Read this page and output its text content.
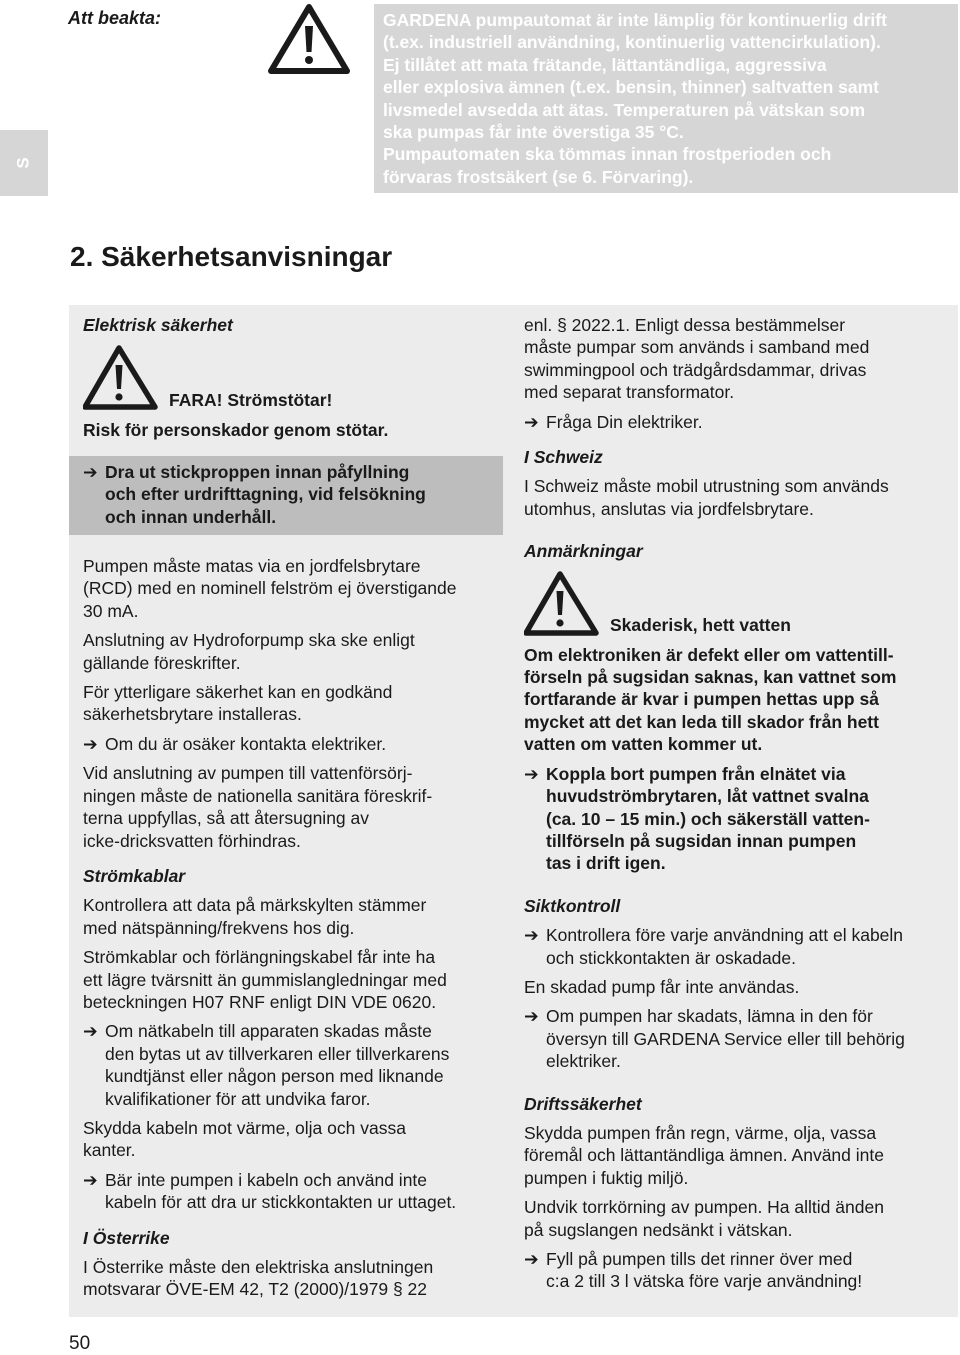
S
Att beakta:	GARDENA pumpautomat är inte lämplig för kontinuerlig drift

(t.ex. industriell användning, kontinuerlig vattencirkulation).

Ej tillåtet att mata frätande, lättantändliga, aggressiva

eller explosiva ämnen (t.ex. bensin, thinner) saltvatten samt

livsmedel avsedda att ätas. Temperaturen på vätskan som

ska pumpas får inte överstiga 35 °C.

Pumpautomaten ska tömmas innan frostperioden och

förvaras frostsäkert (se 6. Förvaring).

2. Säkerhetsanvisningar

Elektrisk säkerhet

FARA! Strömstötar!

Risk för personskador genom stötar.

➔ Dra ut stickproppen innan påfyllning

och efter urdrifttagning, vid felsökning

och innan underhåll.

Pumpen måste matas via en jordfelsbrytare

(RCD) med en nominell felström ej överstigande

30 mA.

Anslutning av Hydroforpump ska ske enligt

gällande föreskrifter.

För ytterligare säkerhet kan en godkänd

säkerhetsbrytare installeras.

➔ Om du är osäker kontakta elektriker.

Vid anslutning av pumpen till vattenförsörj-

ningen måste de nationella sanitära föreskrif-

terna uppfyllas, så att återsugning av

icke-dricksvatten förhindras.

Strömkablar

Kontrollera att data på märkskylten stämmer

med nätspänning/frekvens hos dig.

Strömkablar och förlängningskabel får inte ha

ett lägre tvärsnitt än gummislangledningar med

beteckningen H07 RNF enligt DIN VDE 0620.

➔ Om nätkabeln till apparaten skadas måste

den bytas ut av tillverkaren eller tillverkarens

kundtjänst eller någon person med liknande

kvalifikationer för att undvika faror.

Skydda kabeln mot värme, olja och vassa

kanter.

➔ Bär inte pumpen i kabeln och använd inte

kabeln för att dra ur stickkontakten ur uttaget.

I Österrike

I Österrike måste den elektriska anslutningen

motsvarar ÖVE-EM 42, T2 (2000)/1979 § 22

enl. § 2022.1. Enligt dessa bestämmelser

måste pumpar som används i samband med

swimmingpool och trädgårdsdammar, drivas

med separat transformator.

➔ Fråga Din elektriker.

I Schweiz

I Schweiz måste mobil utrustning som används

utomhus, anslutas via jordfelsbrytare.

Anmärkningar

Skaderisk, hett vatten

Om elektroniken är defekt eller om vattentill-

förseln på sugsidan saknas, kan vattnet som

fortfarande är kvar i pumpen hettas upp så

mycket att det kan leda till skador från hett

vatten om vatten kommer ut.

➔ Koppla bort pumpen från elnätet via

huvudströmbrytaren, låt vattnet svalna

(ca. 10 – 15 min.) och säkerställ vatten-

tillförseln på sugsidan innan pumpen

tas i drift igen.

Siktkontroll

➔ Kontrollera före varje användning att el kabeln

och stickkontakten är oskadade.

En skadad pump får inte användas.

➔ Om pumpen har skadats, lämna in den för

översyn till GARDENA Service eller till behörig

elektriker.

Driftssäkerhet

Skydda pumpen från regn, värme, olja, vassa

föremål och lättantändliga ämnen. Använd inte

pumpen i fuktig miljö.

Undvik torrkörning av pumpen. Ha alltid änden

på sugslangen nedsänkt i vätskan.

➔ Fyll på pumpen tills det rinner över med

c:a 2 till 3 l vätska före varje användning!

50
